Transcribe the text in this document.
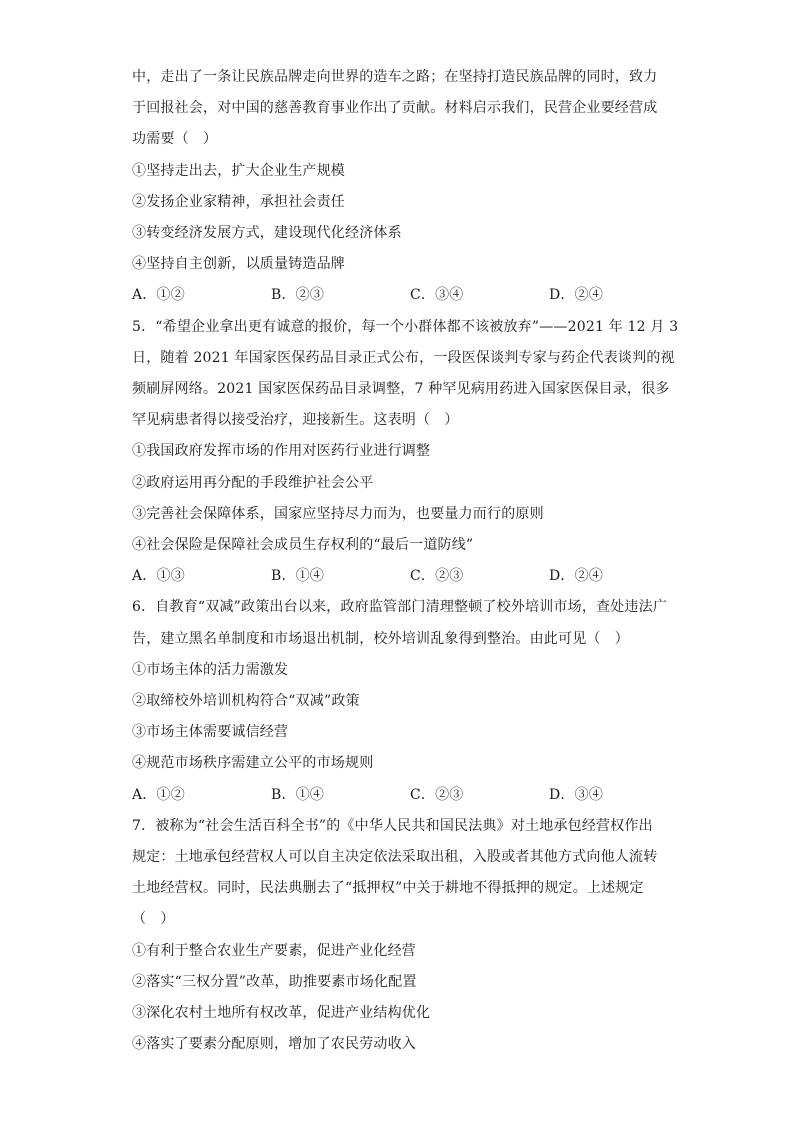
中，走出了一条让民族品牌走向世界的造车之路；在坚持打造民族品牌的同时，致力
于回报社会，对中国的慈善教育事业作出了贡献。材料启示我们，民营企业要经营成
功需要（　）

①坚持走出去，扩大企业生产规模

②发扬企业家精神，承担社会责任

③转变经济发展方式，建设现代化经济体系

④坚持自主创新，以质量铸造品牌

A．①②	B．②③	C．③④	D．②④

5．“希望企业拿出更有诚意的报价，每一个小群体都不该被放弃”——2021 年 12 月 3
日，随着 2021 年国家医保药品目录正式公布，一段医保谈判专家与药企代表谈判的视
频刷屏网络。2021 国家医保药品目录调整，7 种罕见病用药进入国家医保目录，很多
罕见病患者得以接受治疗，迎接新生。这表明（　）

①我国政府发挥市场的作用对医药行业进行调整

②政府运用再分配的手段维护社会公平

③完善社会保障体系，国家应坚持尽力而为，也要量力而行的原则

④社会保险是保障社会成员生存权利的“最后一道防线”

A．①③	B．①④	C．②③	D．②④

6．自教育“双减”政策出台以来，政府监管部门清理整顿了校外培训市场，查处违法广
告，建立黑名单制度和市场退出机制，校外培训乱象得到整治。由此可见（　）

①市场主体的活力需激发

②取缔校外培训机构符合“双减”政策

③市场主体需要诚信经营

④规范市场秩序需建立公平的市场规则

A．①②	B．①④	C．②③	D．③④

7．被称为“社会生活百科全书”的《中华人民共和国民法典》对土地承包经营权作出
规定：土地承包经营权人可以自主决定依法采取出租，入股或者其他方式向他人流转
土地经营权。同时，民法典删去了“抵押权”中关于耕地不得抵押的规定。上述规定
（　）

①有利于整合农业生产要素，促进产业化经营

②落实“三权分置”改革，助推要素市场化配置

③深化农村土地所有权改革，促进产业结构优化

④落实了要素分配原则，增加了农民劳动收入
